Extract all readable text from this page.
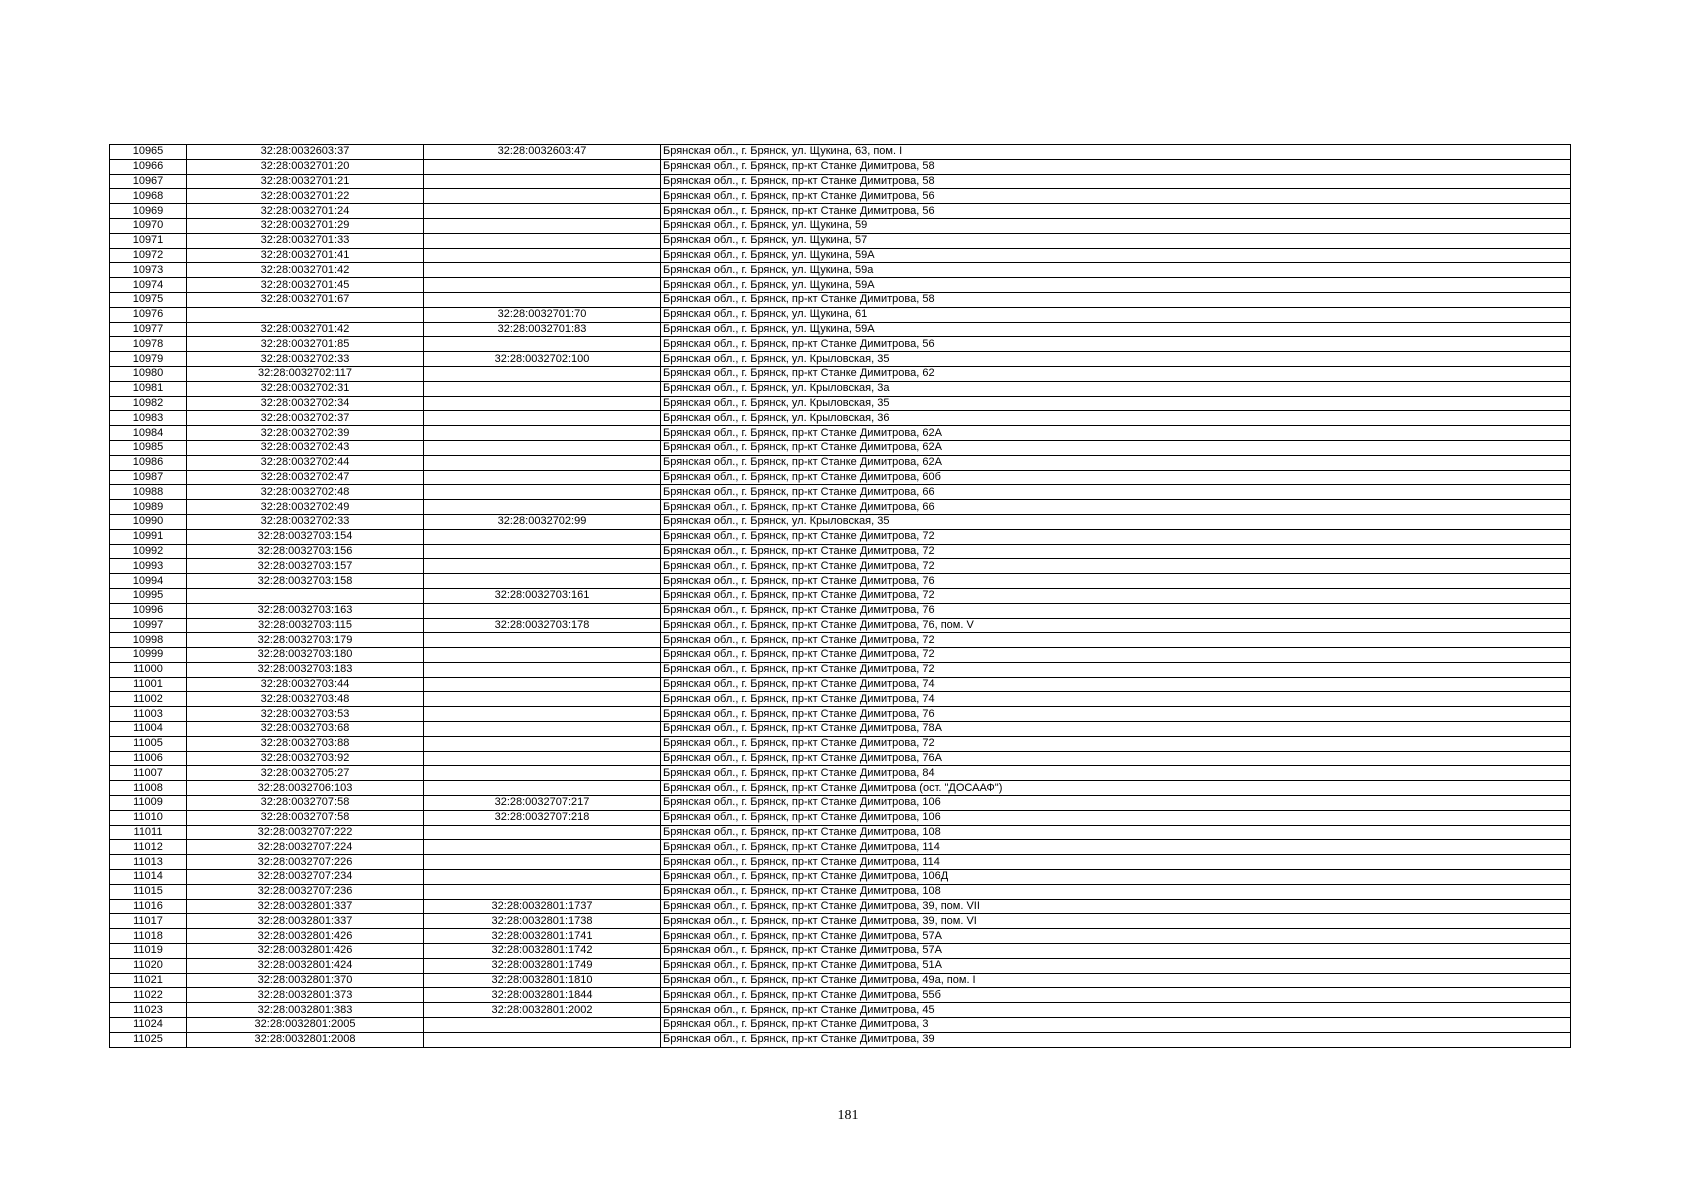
10965	32:28:0032603:37	32:28:0032603:47	Брянская обл., г. Брянск, ул. Щукина, 63, пом. I
10966	32:28:0032701:20		Брянская обл., г. Брянск, пр-кт Станке Димитрова, 58
10967	32:28:0032701:21		Брянская обл., г. Брянск, пр-кт Станке Димитрова, 58
10968	32:28:0032701:22		Брянская обл., г. Брянск, пр-кт Станке Димитрова, 56
10969	32:28:0032701:24		Брянская обл., г. Брянск, пр-кт Станке Димитрова, 56
10970	32:28:0032701:29		Брянская обл., г. Брянск, ул. Щукина, 59
10971	32:28:0032701:33		Брянская обл., г. Брянск, ул. Щукина, 57
10972	32:28:0032701:41		Брянская обл., г. Брянск, ул. Щукина, 59А
10973	32:28:0032701:42		Брянская обл., г. Брянск, ул. Щукина, 59а
10974	32:28:0032701:45		Брянская обл., г. Брянск, ул. Щукина, 59А
10975	32:28:0032701:67		Брянская обл., г. Брянск, пр-кт Станке Димитрова, 58
10976		32:28:0032701:70	Брянская обл., г. Брянск, ул. Щукина, 61
10977	32:28:0032701:42	32:28:0032701:83	Брянская обл., г. Брянск, ул. Щукина, 59А
10978	32:28:0032701:85		Брянская обл., г. Брянск, пр-кт Станке Димитрова, 56
10979	32:28:0032702:33	32:28:0032702:100	Брянская обл., г. Брянск, ул. Крыловская, 35
10980	32:28:0032702:117		Брянская обл., г. Брянск, пр-кт Станке Димитрова, 62
10981	32:28:0032702:31		Брянская обл., г. Брянск, ул. Крыловская, 3а
10982	32:28:0032702:34		Брянская обл., г. Брянск, ул. Крыловская, 35
10983	32:28:0032702:37		Брянская обл., г. Брянск, ул. Крыловская, 36
10984	32:28:0032702:39		Брянская обл., г. Брянск, пр-кт Станке Димитрова, 62А
10985	32:28:0032702:43		Брянская обл., г. Брянск, пр-кт Станке Димитрова, 62А
10986	32:28:0032702:44		Брянская обл., г. Брянск, пр-кт Станке Димитрова, 62А
10987	32:28:0032702:47		Брянская обл., г. Брянск, пр-кт Станке Димитрова, 60б
10988	32:28:0032702:48		Брянская обл., г. Брянск, пр-кт Станке Димитрова, 66
10989	32:28:0032702:49		Брянская обл., г. Брянск, пр-кт Станке Димитрова, 66
10990	32:28:0032702:33	32:28:0032702:99	Брянская обл., г. Брянск, ул. Крыловская, 35
10991	32:28:0032703:154		Брянская обл., г. Брянск, пр-кт Станке Димитрова, 72
10992	32:28:0032703:156		Брянская обл., г. Брянск, пр-кт Станке Димитрова, 72
10993	32:28:0032703:157		Брянская обл., г. Брянск, пр-кт Станке Димитрова, 72
10994	32:28:0032703:158		Брянская обл., г. Брянск, пр-кт Станке Димитрова, 76
10995		32:28:0032703:161	Брянская обл., г. Брянск, пр-кт Станке Димитрова, 72
10996	32:28:0032703:163		Брянская обл., г. Брянск, пр-кт Станке Димитрова, 76
10997	32:28:0032703:115	32:28:0032703:178	Брянская обл., г. Брянск, пр-кт Станке Димитрова, 76, пом. V
10998	32:28:0032703:179		Брянская обл., г. Брянск, пр-кт Станке Димитрова, 72
10999	32:28:0032703:180		Брянская обл., г. Брянск, пр-кт Станке Димитрова, 72
11000	32:28:0032703:183		Брянская обл., г. Брянск, пр-кт Станке Димитрова, 72
11001	32:28:0032703:44		Брянская обл., г. Брянск, пр-кт Станке Димитрова, 74
11002	32:28:0032703:48		Брянская обл., г. Брянск, пр-кт Станке Димитрова, 74
11003	32:28:0032703:53		Брянская обл., г. Брянск, пр-кт Станке Димитрова, 76
11004	32:28:0032703:68		Брянская обл., г. Брянск, пр-кт Станке Димитрова, 78А
11005	32:28:0032703:88		Брянская обл., г. Брянск, пр-кт Станке Димитрова, 72
11006	32:28:0032703:92		Брянская обл., г. Брянск, пр-кт Станке Димитрова, 76А
11007	32:28:0032705:27		Брянская обл., г. Брянск, пр-кт Станке Димитрова, 84
11008	32:28:0032706:103		Брянская обл., г. Брянск, пр-кт Станке Димитрова (ост. "ДОСААФ")
11009	32:28:0032707:58	32:28:0032707:217	Брянская обл., г. Брянск, пр-кт Станке Димитрова, 106
11010	32:28:0032707:58	32:28:0032707:218	Брянская обл., г. Брянск, пр-кт Станке Димитрова, 106
11011	32:28:0032707:222		Брянская обл., г. Брянск, пр-кт Станке Димитрова, 108
11012	32:28:0032707:224		Брянская обл., г. Брянск, пр-кт Станке Димитрова, 114
11013	32:28:0032707:226		Брянская обл., г. Брянск, пр-кт Станке Димитрова, 114
11014	32:28:0032707:234		Брянская обл., г. Брянск, пр-кт Станке Димитрова, 106Д
11015	32:28:0032707:236		Брянская обл., г. Брянск, пр-кт Станке Димитрова, 108
11016	32:28:0032801:337	32:28:0032801:1737	Брянская обл., г. Брянск, пр-кт Станке Димитрова, 39, пом. VII
11017	32:28:0032801:337	32:28:0032801:1738	Брянская обл., г. Брянск, пр-кт Станке Димитрова, 39, пом. VI
11018	32:28:0032801:426	32:28:0032801:1741	Брянская обл., г. Брянск, пр-кт Станке Димитрова, 57А
11019	32:28:0032801:426	32:28:0032801:1742	Брянская обл., г. Брянск, пр-кт Станке Димитрова, 57А
11020	32:28:0032801:424	32:28:0032801:1749	Брянская обл., г. Брянск, пр-кт Станке Димитрова, 51А
11021	32:28:0032801:370	32:28:0032801:1810	Брянская обл., г. Брянск, пр-кт Станке Димитрова, 49а, пом. I
11022	32:28:0032801:373	32:28:0032801:1844	Брянская обл., г. Брянск, пр-кт Станке Димитрова, 55б
11023	32:28:0032801:383	32:28:0032801:2002	Брянская обл., г. Брянск, пр-кт Станке Димитрова, 45
11024	32:28:0032801:2005		Брянская обл., г. Брянск, пр-кт Станке Димитрова, 3
11025	32:28:0032801:2008		Брянская обл., г. Брянск, пр-кт Станке Димитрова, 39
181
